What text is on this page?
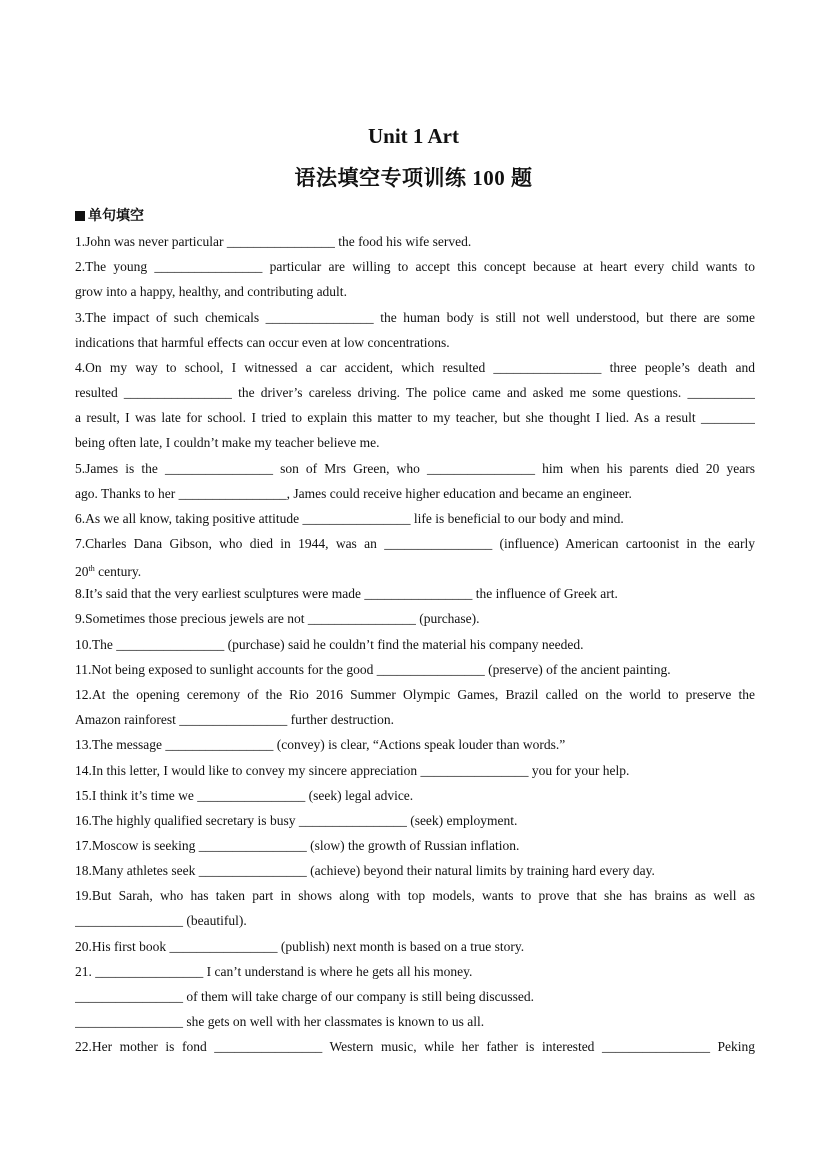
Unit 1 Art
语法填空专项训练 100 题
单句填空
1.John was never particular ________________ the food his wife served.
2.The young ________________ particular are willing to accept this concept because at heart every child wants to
grow into a happy, healthy, and contributing adult.
3.The impact of such chemicals ________________ the human body is still not well understood, but there are some
indications that harmful effects can occur even at low concentrations.
4.On my way to school, I witnessed a car accident, which resulted ________________ three people’s death and
resulted ________________ the driver’s careless driving. The police came and asked me some questions. __________
a result, I was late for school. I tried to explain this matter to my teacher, but she thought I lied. As a result ________
being often late, I couldn’t make my teacher believe me.
5.James is the ________________ son of Mrs Green, who ________________ him when his parents died 20 years
ago. Thanks to her ________________, James could receive higher education and became an engineer.
6.As we all know, taking positive attitude ________________ life is beneficial to our body and mind.
7.Charles Dana Gibson, who died in 1944, was an ________________ (influence) American cartoonist in the early
20th century.
8.It’s said that the very earliest sculptures were made ________________ the influence of Greek art.
9.Sometimes those precious jewels are not ________________ (purchase).
10.The ________________ (purchase) said he couldn’t find the material his company needed.
11.Not being exposed to sunlight accounts for the good ________________ (preserve) of the ancient painting.
12.At the opening ceremony of the Rio 2016 Summer Olympic Games, Brazil called on the world to preserve the
Amazon rainforest ________________ further destruction.
13.The message ________________ (convey) is clear, “Actions speak louder than words.”
14.In this letter, I would like to convey my sincere appreciation ________________ you for your help.
15.I think it’s time we ________________ (seek) legal advice.
16.The highly qualified secretary is busy ________________ (seek) employment.
17.Moscow is seeking ________________ (slow) the growth of Russian inflation.
18.Many athletes seek ________________ (achieve) beyond their natural limits by training hard every day.
19.But Sarah, who has taken part in shows along with top models, wants to prove that she has brains as well as
________________ (beautiful).
20.His first book ________________ (publish) next month is based on a true story.
21. ________________ I can’t understand is where he gets all his money.
________________ of them will take charge of our company is still being discussed.
________________ she gets on well with her classmates is known to us all.
22.Her mother is fond ________________ Western music, while her father is interested ________________ Peking
